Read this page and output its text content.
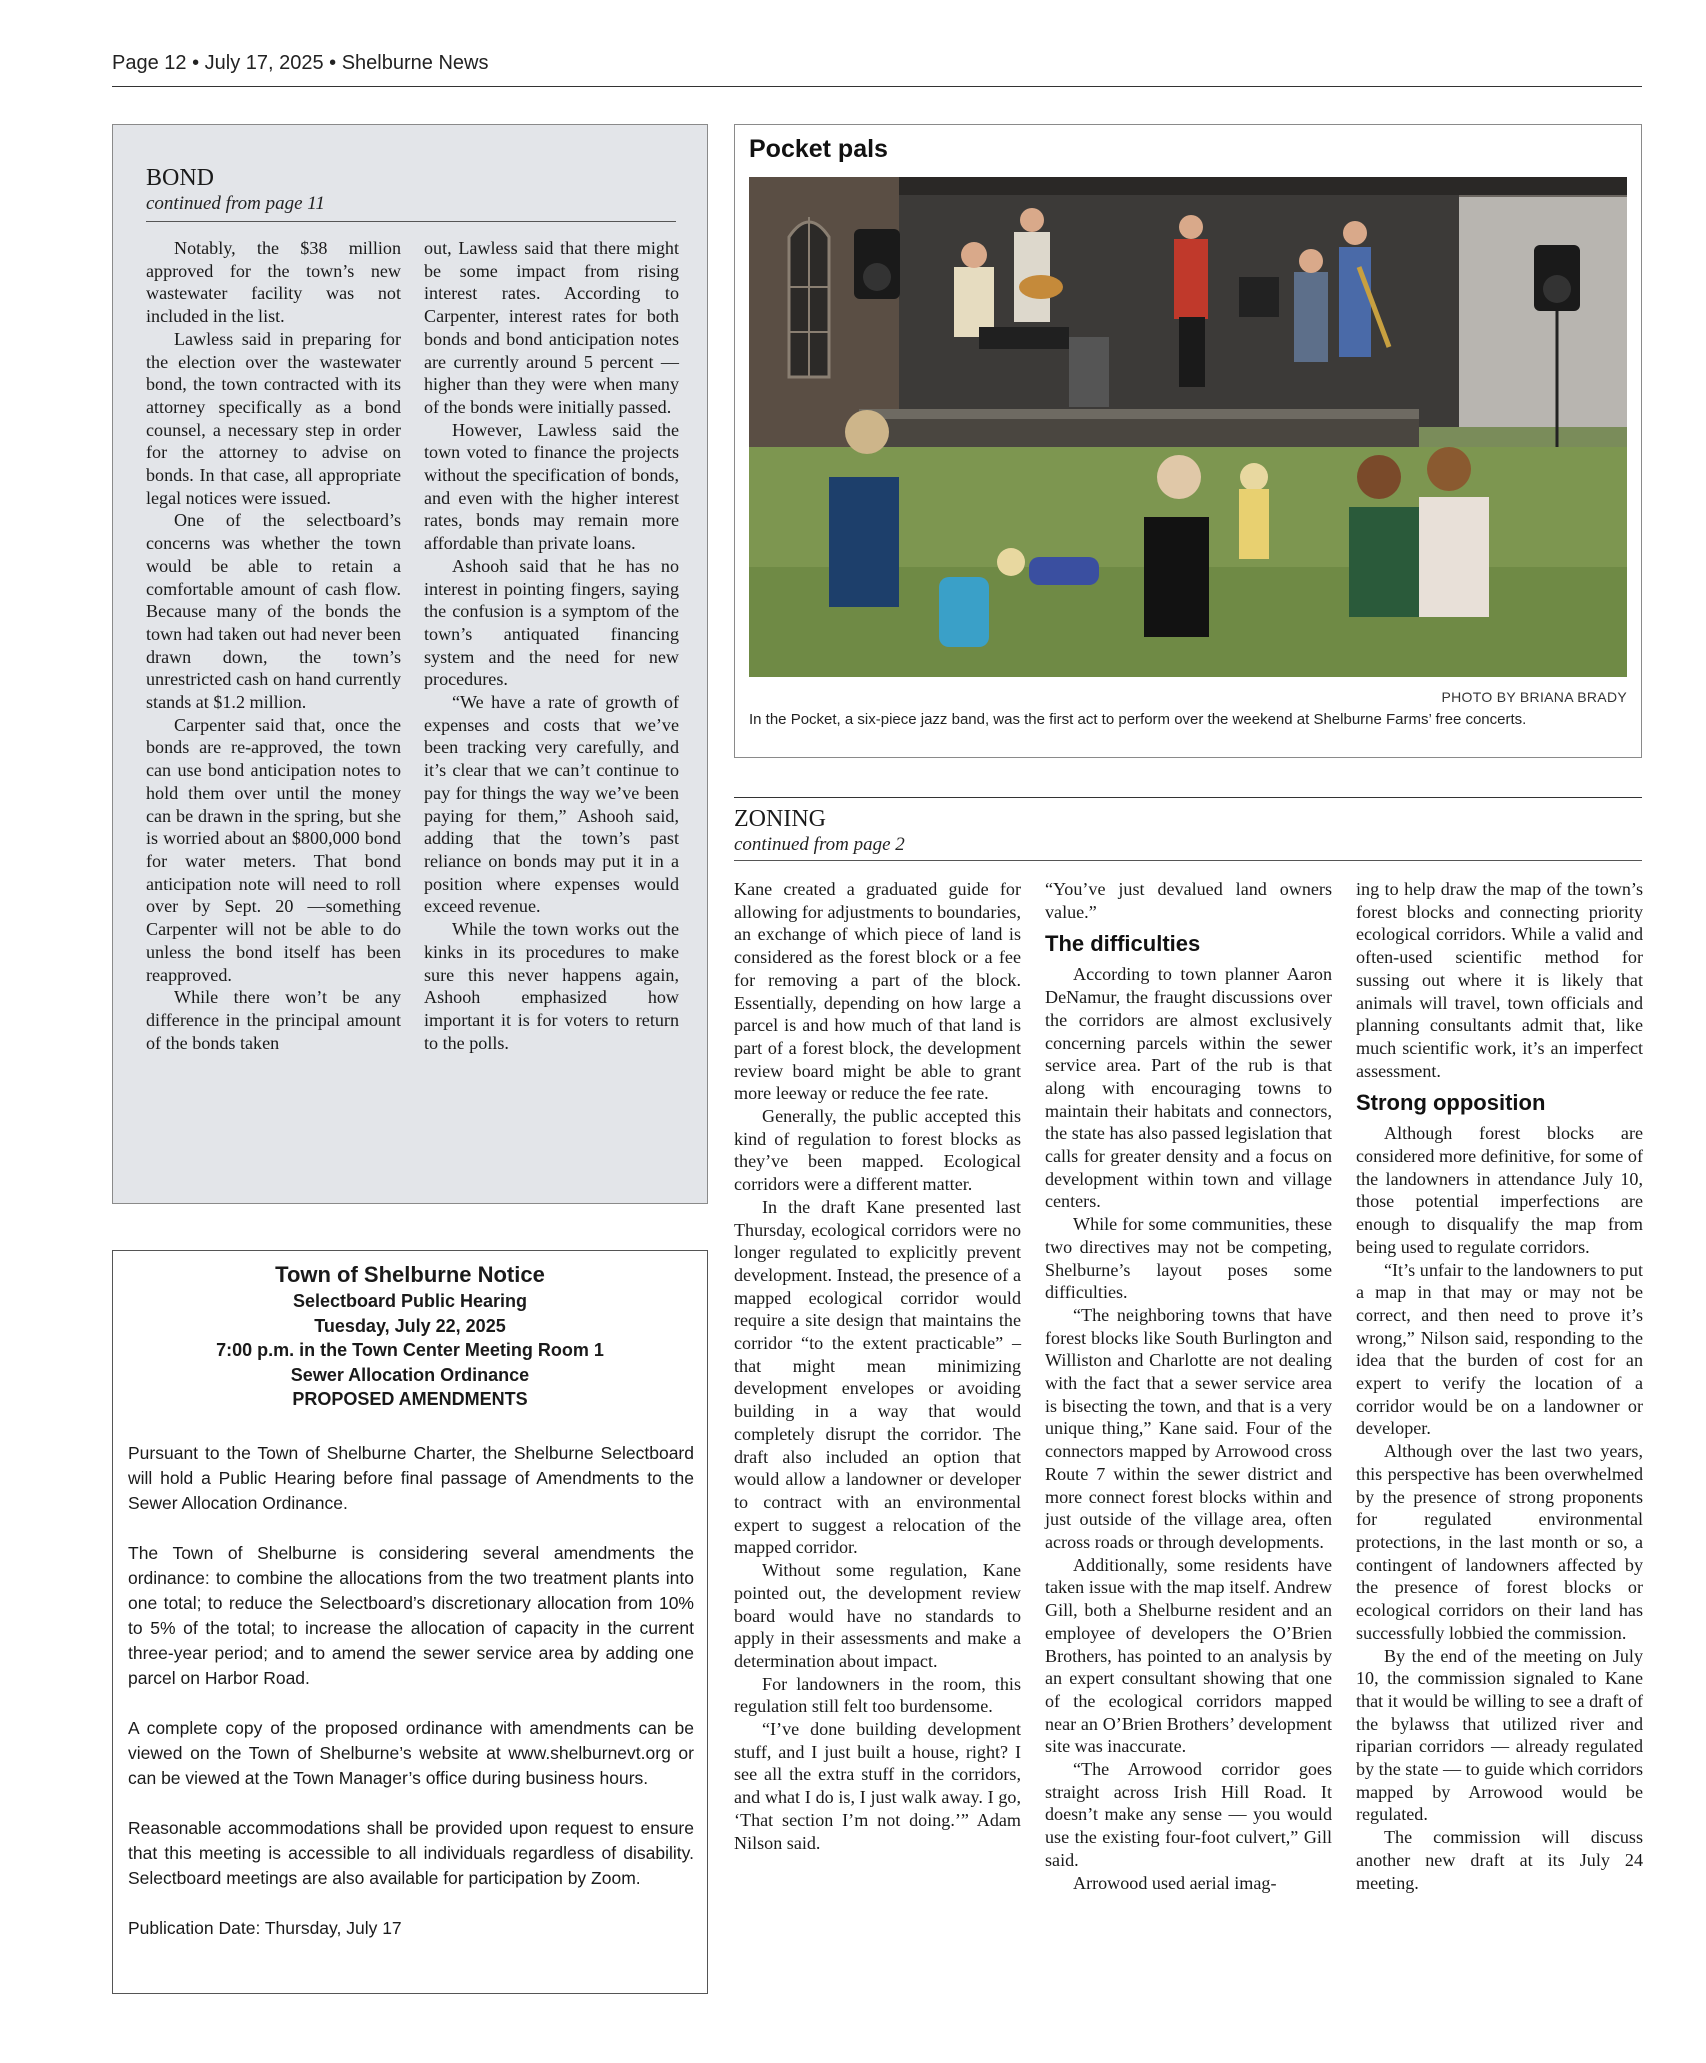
Page 12 • July 17, 2025 • Shelburne News
BOND
continued from page 11

Notably, the $38 million approved for the town’s new wastewater facility was not included in the list.

Lawless said in preparing for the election over the wastewater bond, the town contracted with its attorney specifically as a bond counsel, a necessary step in order for the attorney to advise on bonds. In that case, all appropriate legal notices were issued.

One of the selectboard’s concerns was whether the town would be able to retain a comfortable amount of cash flow. Because many of the bonds the town had taken out had never been drawn down, the town’s unrestricted cash on hand currently stands at $1.2 million.

Carpenter said that, once the bonds are re-approved, the town can use bond anticipation notes to hold them over until the money can be drawn in the spring, but she is worried about an $800,000 bond for water meters. That bond anticipation note will need to roll over by Sept. 20 —something Carpenter will not be able to do unless the bond itself has been reapproved.

While there won’t be any difference in the principal amount of the bonds taken

out, Lawless said that there might be some impact from rising interest rates. According to Carpenter, interest rates for both bonds and bond anticipation notes are currently around 5 percent — higher than they were when many of the bonds were initially passed.

However, Lawless said the town voted to finance the projects without the specification of bonds, and even with the higher interest rates, bonds may remain more affordable than private loans.

Ashooh said that he has no interest in pointing fingers, saying the confusion is a symptom of the town’s antiquated financing system and the need for new procedures.

“We have a rate of growth of expenses and costs that we’ve been tracking very carefully, and it’s clear that we can’t continue to pay for things the way we’ve been paying for them,” Ashooh said, adding that the town’s past reliance on bonds may put it in a position where expenses would exceed revenue.

While the town works out the kinks in its procedures to make sure this never happens again, Ashooh emphasized how important it is for voters to return to the polls.

Pocket pals
PHOTO BY BRIANA BRADY
In the Pocket, a six-piece jazz band, was the first act to perform over the weekend at Shelburne Farms’ free concerts.
ZONING
continued from page 2

Kane created a graduated guide for allowing for adjustments to boundaries, an exchange of which piece of land is considered as the forest block or a fee for removing a part of the block. Essentially, depending on how large a parcel is and how much of that land is part of a forest block, the development review board might be able to grant more leeway or reduce the fee rate.

Generally, the public accepted this kind of regulation to forest blocks as they’ve been mapped. Ecological corridors were a different matter.

In the draft Kane presented last Thursday, ecological corridors were no longer regulated to explicitly prevent development. Instead, the presence of a mapped ecological corridor would require a site design that maintains the corridor “to the extent practicable” – that might mean minimizing development envelopes or avoiding building in a way that would completely disrupt the corridor. The draft also included an option that would allow a landowner or developer to contract with an environmental expert to suggest a relocation of the mapped corridor.

Without some regulation, Kane pointed out, the development review board would have no standards to apply in their assessments and make a determination about impact.

For landowners in the room, this regulation still felt too burdensome.

“I’ve done building development stuff, and I just built a house, right? I see all the extra stuff in the corridors, and what I do is, I just walk away. I go, ‘That section I’m not doing.’” Adam Nilson said.

“You’ve just devalued land owners value.”

The difficulties

According to town planner Aaron DeNamur, the fraught discussions over the corridors are almost exclusively concerning parcels within the sewer service area. Part of the rub is that along with encouraging towns to maintain their habitats and connectors, the state has also passed legislation that calls for greater density and a focus on development within town and village centers.

While for some communities, these two directives may not be competing, Shelburne’s layout poses some difficulties.

“The neighboring towns that have forest blocks like South Burlington and Williston and Charlotte are not dealing with the fact that a sewer service area is bisecting the town, and that is a very unique thing,” Kane said. Four of the connectors mapped by Arrowood cross Route 7 within the sewer district and more connect forest blocks within and just outside of the village area, often across roads or through developments.

Additionally, some residents have taken issue with the map itself. Andrew Gill, both a Shelburne resident and an employee of developers the O’Brien Brothers, has pointed to an analysis by an expert consultant showing that one of the ecological corridors mapped near an O’Brien Brothers’ development site was inaccurate.

“The Arrowood corridor goes straight across Irish Hill Road. It doesn’t make any sense — you would use the existing four-foot culvert,” Gill said.

Arrowood used aerial imag-

ing to help draw the map of the town’s forest blocks and connecting priority ecological corridors. While a valid and often-used scientific method for sussing out where it is likely that animals will travel, town officials and planning consultants admit that, like much scientific work, it’s an imperfect assessment.

Strong opposition

Although forest blocks are considered more definitive, for some of the landowners in attendance July 10, those potential imperfections are enough to disqualify the map from being used to regulate corridors.

“It’s unfair to the landowners to put a map in that may or may not be correct, and then need to prove it’s wrong,” Nilson said, responding to the idea that the burden of cost for an expert to verify the location of a corridor would be on a landowner or developer.

Although over the last two years, this perspective has been overwhelmed by the presence of strong proponents for regulated environmental protections, in the last month or so, a contingent of landowners affected by the presence of forest blocks or ecological corridors on their land has successfully lobbied the commission.

By the end of the meeting on July 10, the commission signaled to Kane that it would be willing to see a draft of the bylawss that utilized river and riparian corridors — already regulated by the state — to guide which corridors mapped by Arrowood would be regulated.

The commission will discuss another new draft at its July 24 meeting.

Town of Shelburne Notice
Selectboard Public Hearing
Tuesday, July 22, 2025
7:00 p.m. in the Town Center Meeting Room 1
Sewer Allocation Ordinance
PROPOSED AMENDMENTS

Pursuant to the Town of Shelburne Charter, the Shelburne Selectboard will hold a Public Hearing before final passage of Amendments to the Sewer Allocation Ordinance.

The Town of Shelburne is considering several amendments the ordinance: to combine the allocations from the two treatment plants into one total; to reduce the Selectboard’s discretionary allocation from 10% to 5% of the total; to increase the allocation of capacity in the current three-year period; and to amend the sewer service area by adding one parcel on Harbor Road.

A complete copy of the proposed ordinance with amendments can be viewed on the Town of Shelburne’s website at www.shelburnevt.org or can be viewed at the Town Manager’s office during business hours.

Reasonable accommodations shall be provided upon request to ensure that this meeting is accessible to all individuals regardless of disability. Selectboard meetings are also available for participation by Zoom.

Publication Date: Thursday, July 17
